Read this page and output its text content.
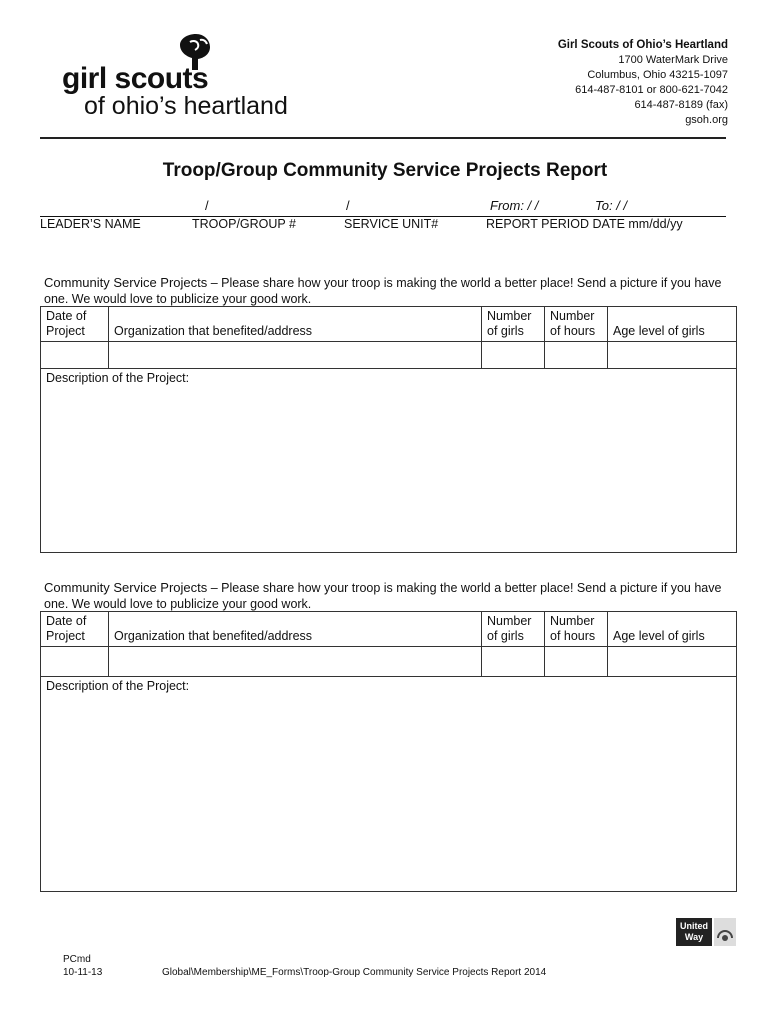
girl scouts
of ohio’s heartland
Girl Scouts of Ohio’s Heartland
1700 WaterMark Drive
Columbus, Ohio 43215-1097
614-487-8101 or 800-621-7042
614-487-8189 (fax)
gsoh.org
Troop/Group Community Service Projects Report
/	/	From: / /	To: / /
LEADER’S NAME	TROOP/GROUP #	SERVICE UNIT#	REPORT PERIOD DATE mm/dd/yy
Community Service Projects – Please share how your troop is making the world a better place! Send a picture if you have one. We would love to publicize your good work.
Date of Project	Organization that benefited/address	Number of girls	Number of hours	Age level of girls

Description of the Project:				
Community Service Projects – Please share how your troop is making the world a better place! Send a picture if you have one. We would love to publicize your good work.
Date of Project	Organization that benefited/address	Number of girls	Number of hours	Age level of girls

Description of the Project:				
United
Way
PCmd
10-11-13	Global\Membership\ME_Forms\Troop-Group Community Service Projects Report 2014
